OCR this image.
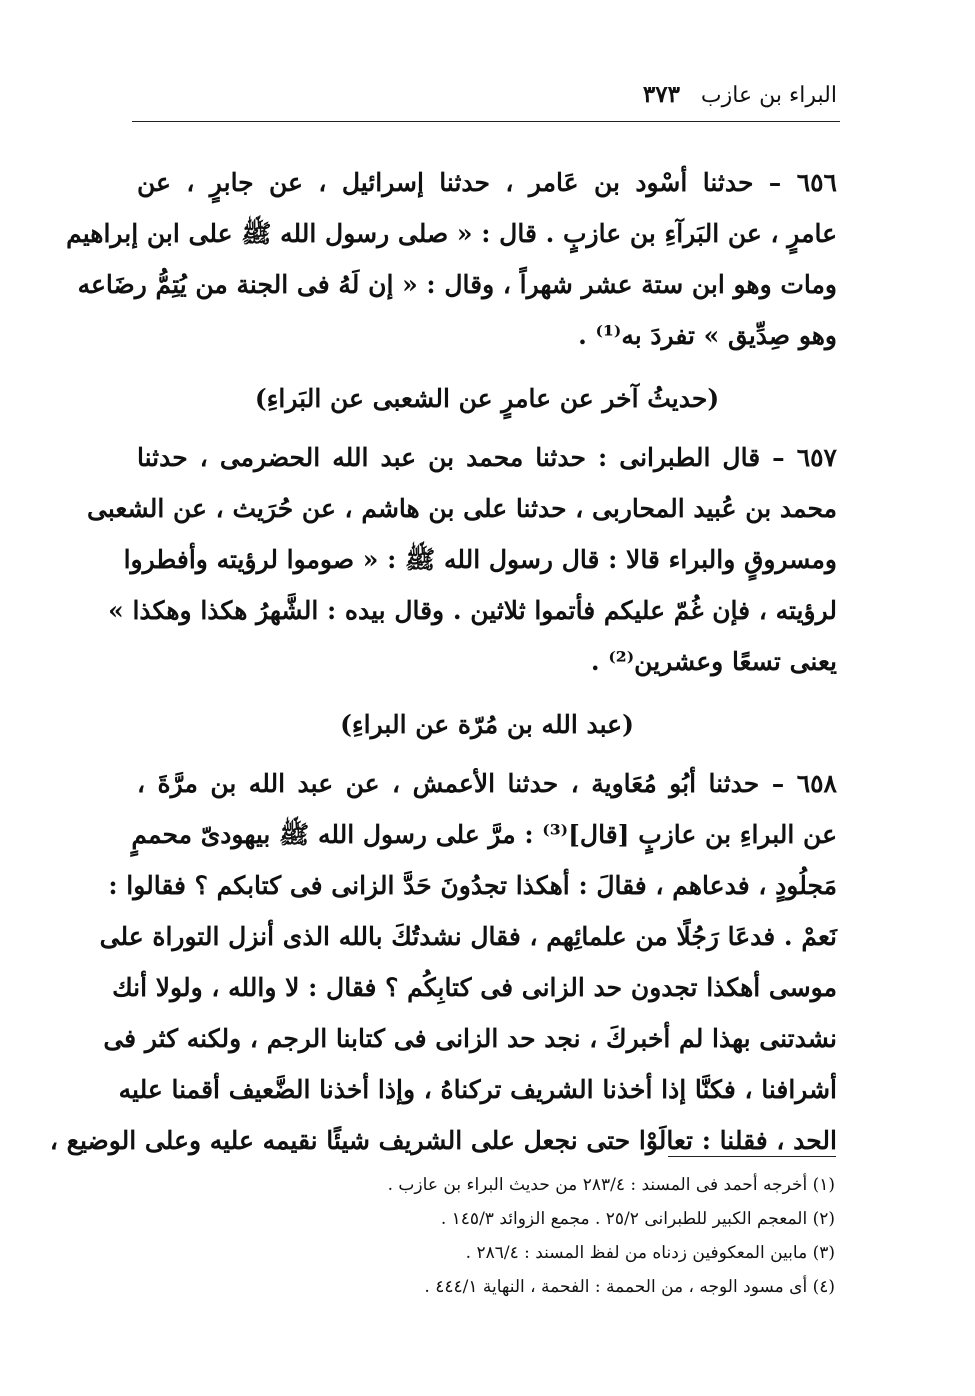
البراء بن عازب ٣٧٣
٦٥٦ – حدثنا أسْود بن عَامر ، حدثنا إسرائيل ، عن جابرٍ ، عن
عامرٍ ، عن البَرآءِ بن عازبٍ . قال : « صلى رسول الله ﷺ على ابن إبراهيم
ومات وهو ابن ستة عشر شهراً ، وقال : « إن لَهُ فى الجنة من يُتِمُّ رضَاعه
وهو صِدِّيق » تفردَ به⁽¹⁾ .
(حديثُ آخر عن عامرٍ عن الشعبى عن البَراءِ)
٦٥٧ – قال الطبرانى : حدثنا محمد بن عبد الله الحضرمى ، حدثنا
محمد بن عُبيد المحاربى ، حدثنا على بن هاشم ، عن حُرَيث ، عن الشعبى
ومسروقٍ والبراء قالا : قال رسول الله ﷺ : « صوموا لرؤيته وأفطروا
لرؤيته ، فإن غُمّ عليكم فأتموا ثلاثين . وقال بيده : الشَّهرُ هكذا وهكذا »
يعنى تسعًا وعشرين⁽²⁾ .
(عبد الله بن مُرّة عن البراءِ)
٦٥٨ – حدثنا أبُو مُعَاوية ، حدثنا الأعمش ، عن عبد الله بن مرَّةَ ،
عن البراءِ بن عازبٍ [قال]⁽³⁾ : مرَّ على رسول الله ﷺ بيهودىّ محممٍ
مَجلُودٍ ، فدعاهم ، فقالَ : أهكذا تجدُونَ حَدَّ الزانى فى كتابكم ؟ فقالوا :
نَعمْ . فدعَا رَجُلًا من علمائِهم ، فقال نشدتُكَ بالله الذى أنزل التوراة على
موسى أهكذا تجدون حد الزانى فى كتابِكُم ؟ فقال : لا والله ، ولولا أنك
نشدتنى بهذا لم أخبركَ ، نجد حد الزانى فى كتابنا الرجم ، ولكنه كثر فى
أشرافنا ، فكنَّا إذا أخذنا الشريف تركناهُ ، وإذا أخذنا الضَّعيف أقمنا عليه
الحد ، فقلنا : تعالَوْا حتى نجعل على الشريف شيئًا نقيمه عليه وعلى الوضيع ،
(١) أخرجه أحمد فى المسند : ٢٨٣/٤ من حديث البراء بن عازب .
(٢) المعجم الكبير للطبرانى ٢٥/٢ . مجمع الزوائد ١٤٥/٣ .
(٣) مابين المعكوفين زدناه من لفظ المسند : ٢٨٦/٤ .
(٤) أى مسود الوجه ، من الحممة : الفحمة ، النهاية ٤٤٤/١ .
